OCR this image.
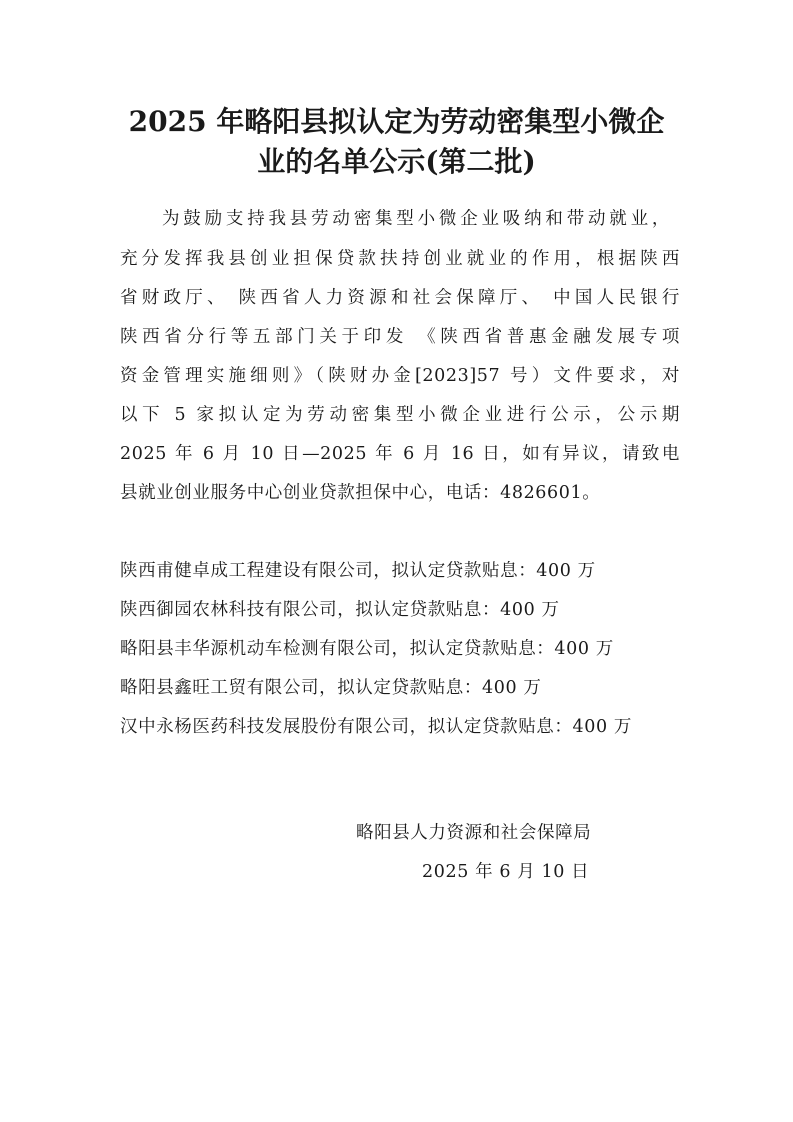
2025 年略阳县拟认定为劳动密集型小微企
业的名单公示(第二批)
为鼓励支持我县劳动密集型小微企业吸纳和带动就业，
充分发挥我县创业担保贷款扶持创业就业的作用，根据陕西
省财政厅、 陕西省人力资源和社会保障厅、 中国人民银行
陕西省分行等五部门关于印发 《陕西省普惠金融发展专项
资金管理实施细则》（陕财办金[2023]57 号）文件要求，对
以下 5 家拟认定为劳动密集型小微企业进行公示，公示期
2025 年 6 月 10 日—2025 年 6 月 16 日，如有异议，请致电
县就业创业服务中心创业贷款担保中心，电话：4826601。
陕西甫健卓成工程建设有限公司，拟认定贷款贴息：400 万
陕西御园农林科技有限公司，拟认定贷款贴息：400 万
略阳县丰华源机动车检测有限公司，拟认定贷款贴息：400 万
略阳县鑫旺工贸有限公司，拟认定贷款贴息：400 万
汉中永杨医药科技发展股份有限公司，拟认定贷款贴息：400 万
略阳县人力资源和社会保障局
2025 年 6 月 10 日
